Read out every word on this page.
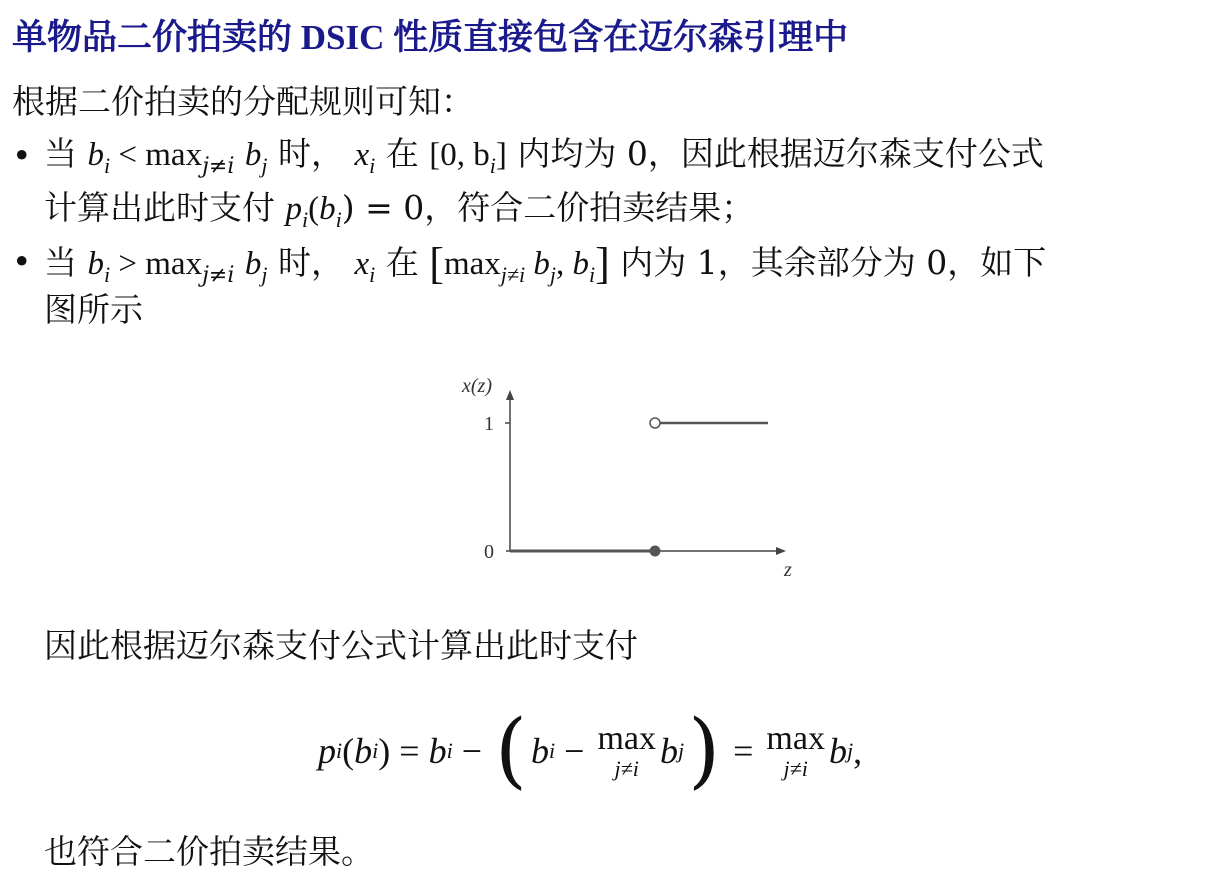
单物品二价拍卖的 DSIC 性质直接包含在迈尔森引理中
根据二价拍卖的分配规则可知：
• 当 $b_i < \max_{j\ne i} b_j$ 时， $x_i$ 在 [0, $b_i$] 内均为 0，因此根据迈尔森支付公式
计算出此时支付 $p_i(b_i) = 0$，符合二价拍卖结果；
• 当 $b_i > \max_{j\ne i} b_j$ 时， $x_i$ 在 [$\max_{j\ne i}$ $b_j$, $b_i$] 内为 1，其余部分为 0，如下
图所示
x(z)
z
1
0
因此根据迈尔森支付公式计算出此时支付
p i ( b i ) = b i − ( b i − max
j≠i b j ) = max
j≠i b j ,
也符合二价拍卖结果。
